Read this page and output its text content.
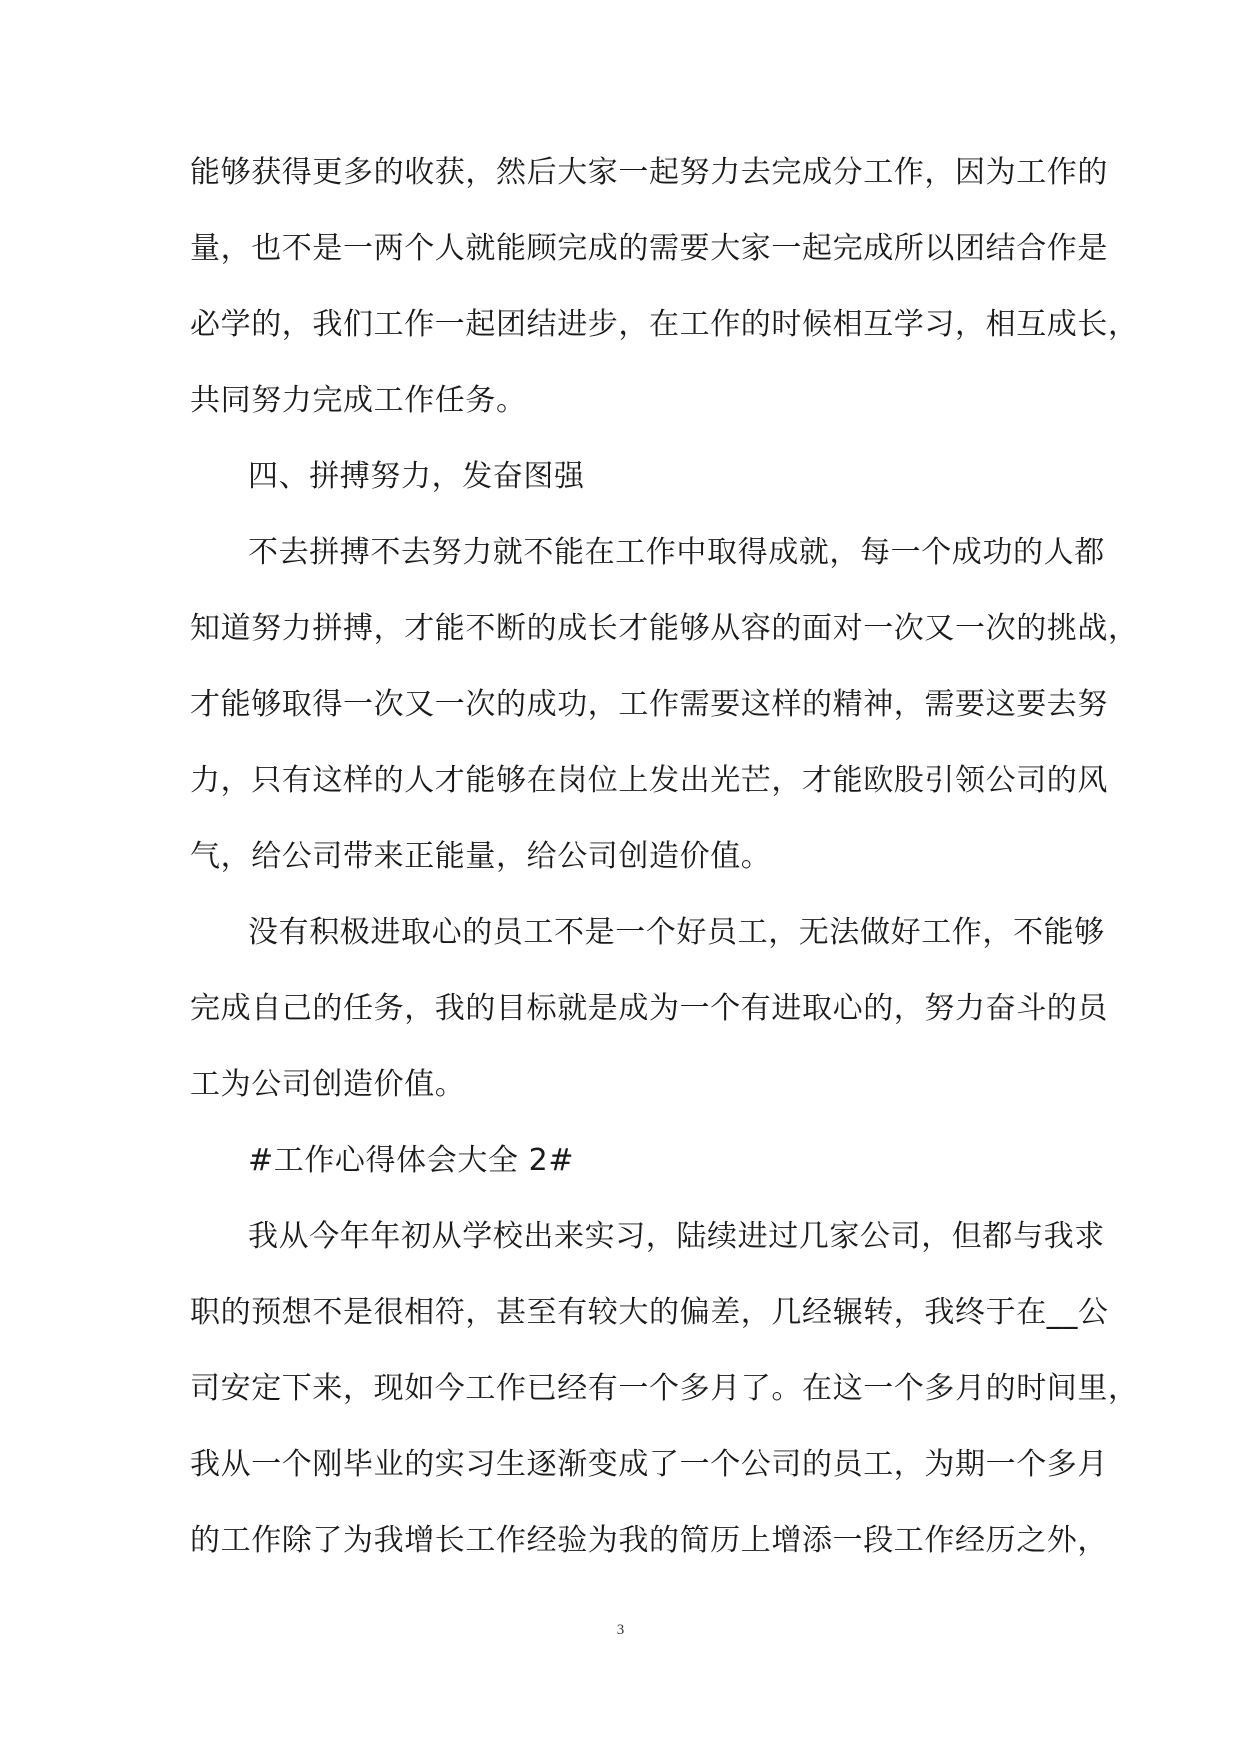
能够获得更多的收获，然后大家一起努力去完成分工作，因为工作的
量，也不是一两个人就能顾完成的需要大家一起完成所以团结合作是
必学的，我们工作一起团结进步，在工作的时候相互学习，相互成长，
共同努力完成工作任务。
四、拼搏努力，发奋图强
不去拼搏不去努力就不能在工作中取得成就，每一个成功的人都
知道努力拼搏，才能不断的成长才能够从容的面对一次又一次的挑战，
才能够取得一次又一次的成功，工作需要这样的精神，需要这要去努
力，只有这样的人才能够在岗位上发出光芒，才能欧股引领公司的风
气，给公司带来正能量，给公司创造价值。
没有积极进取心的员工不是一个好员工，无法做好工作，不能够
完成自己的任务，我的目标就是成为一个有进取心的，努力奋斗的员
工为公司创造价值。
#工作心得体会大全 2#
我从今年年初从学校出来实习，陆续进过几家公司，但都与我求
职的预想不是很相符，甚至有较大的偏差，几经辗转，我终于在__公
司安定下来，现如今工作已经有一个多月了。在这一个多月的时间里，
我从一个刚毕业的实习生逐渐变成了一个公司的员工，为期一个多月
的工作除了为我增长工作经验为我的简历上增添一段工作经历之外，
3
